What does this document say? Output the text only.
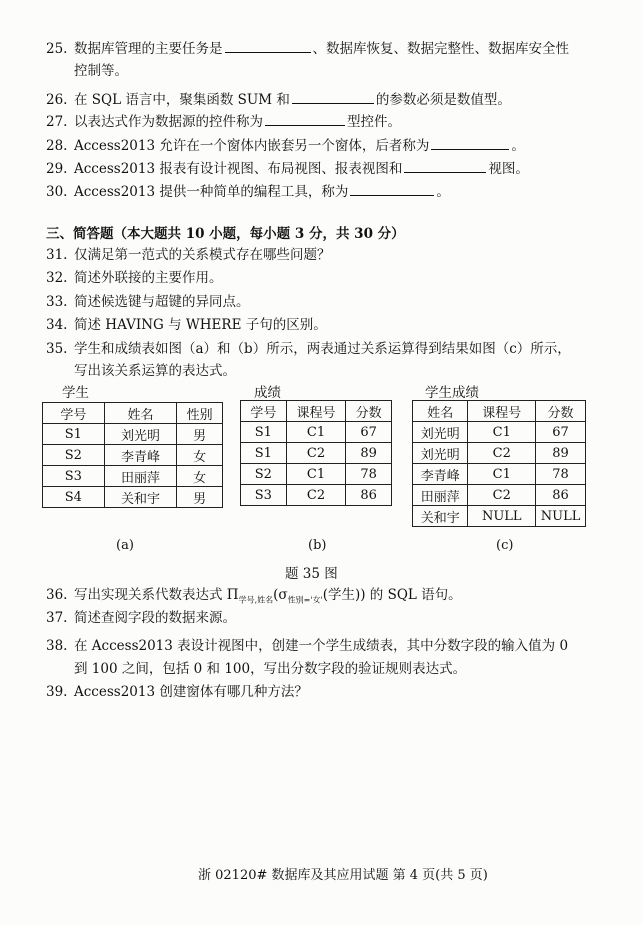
25. 数据库管理的主要任务是	、数据库恢复、数据完整性、数据库安全性
控制等。
26. 在 SQL 语言中，聚集函数 SUM 和	的参数必须是数值型。
27. 以表达式作为数据源的控件称为	型控件。
28. Access2013 允许在一个窗体内嵌套另一个窗体，后者称为	。
29. Access2013 报表有设计视图、布局视图、报表视图和	视图。
30. Access2013 提供一种简单的编程工具，称为	。
三、简答题（本大题共 10 小题，每小题 3 分，共 30 分）
31. 仅满足第一范式的关系模式存在哪些问题？
32. 简述外联接的主要作用。
33. 简述候选键与超键的异同点。
34. 简述 HAVING 与 WHERE 子句的区别。
35. 学生和成绩表如图（a）和（b）所示，两表通过关系运算得到结果如图（c）所示，
写出该关系运算的表达式。
学生	成绩	学生成绩
学号	姓名	性别
S1	刘光明	男
S2	李青峰	女
S3	田丽萍	女
S4	关和宇	男
学号	课程号	分数
S1	C1	67
S1	C2	89
S2	C1	78
S3	C2	86
姓名	课程号	分数
刘光明	C1	67
刘光明	C2	89
李青峰	C1	78
田丽萍	C2	86
关和宇	NULL	NULL
(a)	(b)	(c)
题 35 图
36. 写出实现关系代数表达式 $\Pi_{学号,姓名}(\sigma_{性别='女'}$(学生)) 的 SQL 语句。
37. 简述查阅字段的数据来源。
38. 在 Access2013 表设计视图中，创建一个学生成绩表，其中分数字段的输入值为 0
到 100 之间，包括 0 和 100，写出分数字段的验证规则表达式。
39. Access2013 创建窗体有哪几种方法？
浙 02120# 数据库及其应用试题 第 4 页(共 5 页)
